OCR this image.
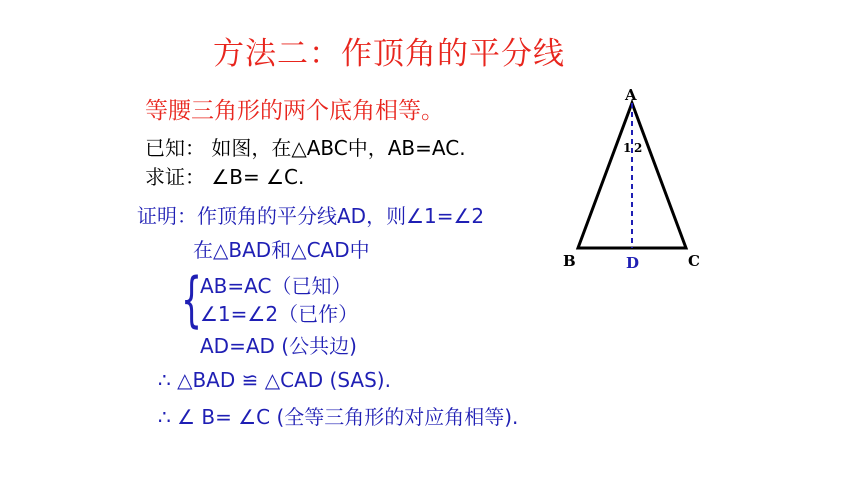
方法二：作顶角的平分线
等腰三角形的两个底角相等。
已知： 如图，在△ABC中，AB=AC.
求证： ∠B= ∠C.
证明：作顶角的平分线AD，则∠1=∠2
在△BAD和△CAD中
{
AB=AC（已知）
∠1=∠2（已作）
AD=AD (公共边)
∴ △BAD ≌ △CAD (SAS).
∴ ∠ B= ∠C (全等三角形的对应角相等).
A
B	C
D
1 2
